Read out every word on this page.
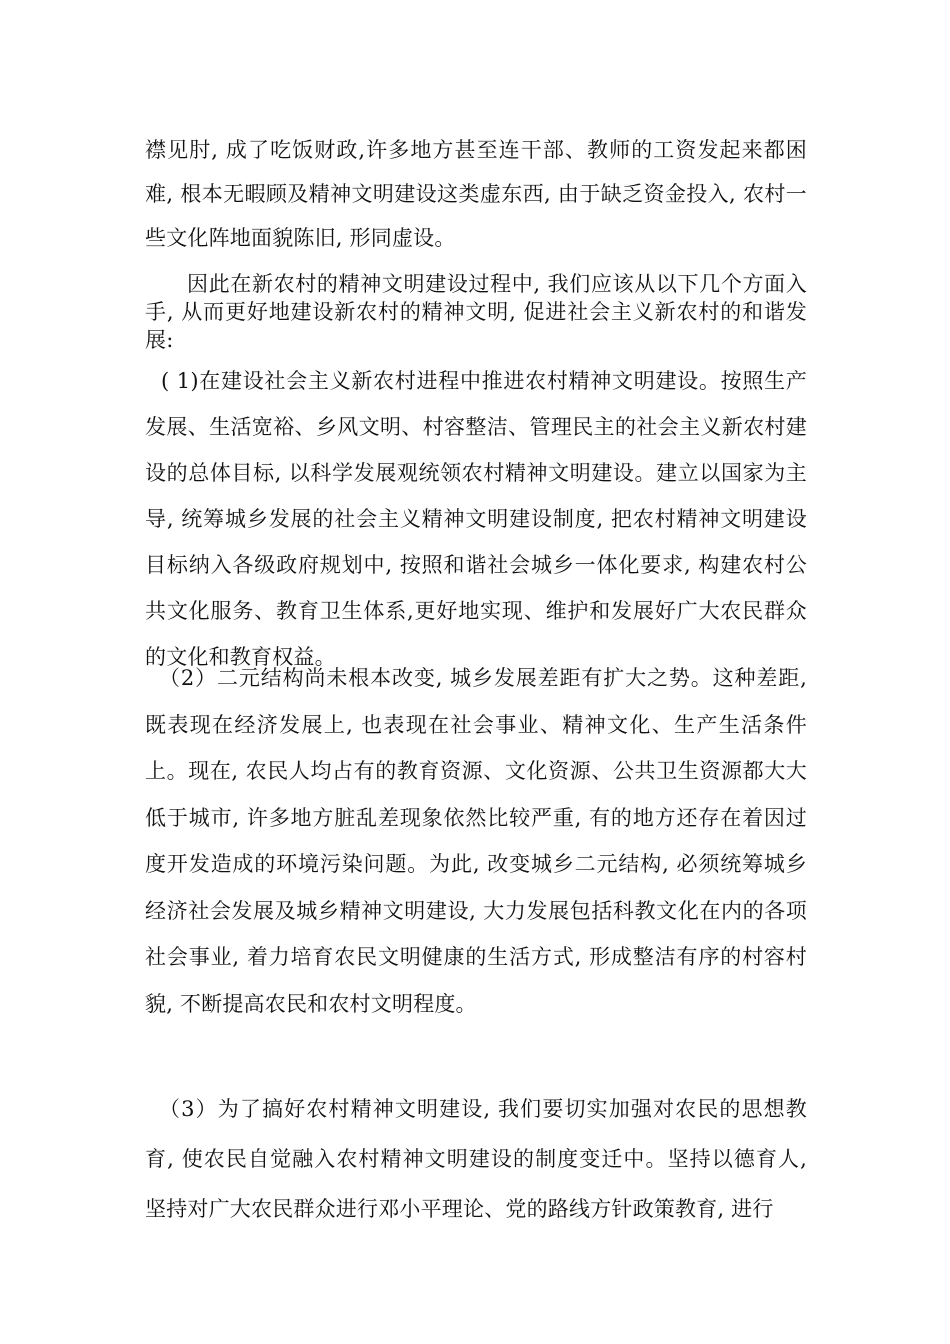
襟见肘, 成了吃饭财政,许多地方甚至连干部、教师的工资发起来都困难, 根本无暇顾及精神文明建设这类虚东西, 由于缺乏资金投入, 农村一些文化阵地面貌陈旧, 形同虚设。

因此在新农村的精神文明建设过程中, 我们应该从以下几个方面入手, 从而更好地建设新农村的精神文明, 促进社会主义新农村的和谐发展:

( 1)在建设社会主义新农村进程中推进农村精神文明建设。按照生产发展、生活宽裕、乡风文明、村容整洁、管理民主的社会主义新农村建设的总体目标, 以科学发展观统领农村精神文明建设。建立以国家为主导, 统筹城乡发展的社会主义精神文明建设制度, 把农村精神文明建设目标纳入各级政府规划中, 按照和谐社会城乡一体化要求, 构建农村公共文化服务、教育卫生体系,更好地实现、维护和发展好广大农民群众的文化和教育权益。

（2）二元结构尚未根本改变, 城乡发展差距有扩大之势。这种差距, 既表现在经济发展上, 也表现在社会事业、精神文化、生产生活条件上。现在, 农民人均占有的教育资源、文化资源、公共卫生资源都大大低于城市, 许多地方脏乱差现象依然比较严重, 有的地方还存在着因过度开发造成的环境污染问题。为此, 改变城乡二元结构, 必须统筹城乡经济社会发展及城乡精神文明建设, 大力发展包括科教文化在内的各项社会事业, 着力培育农民文明健康的生活方式, 形成整洁有序的村容村貌, 不断提高农民和农村文明程度。

（3）为了搞好农村精神文明建设, 我们要切实加强对农民的思想教育, 使农民自觉融入农村精神文明建设的制度变迁中。坚持以德育人, 坚持对广大农民群众进行邓小平理论、党的路线方针政策教育, 进行
